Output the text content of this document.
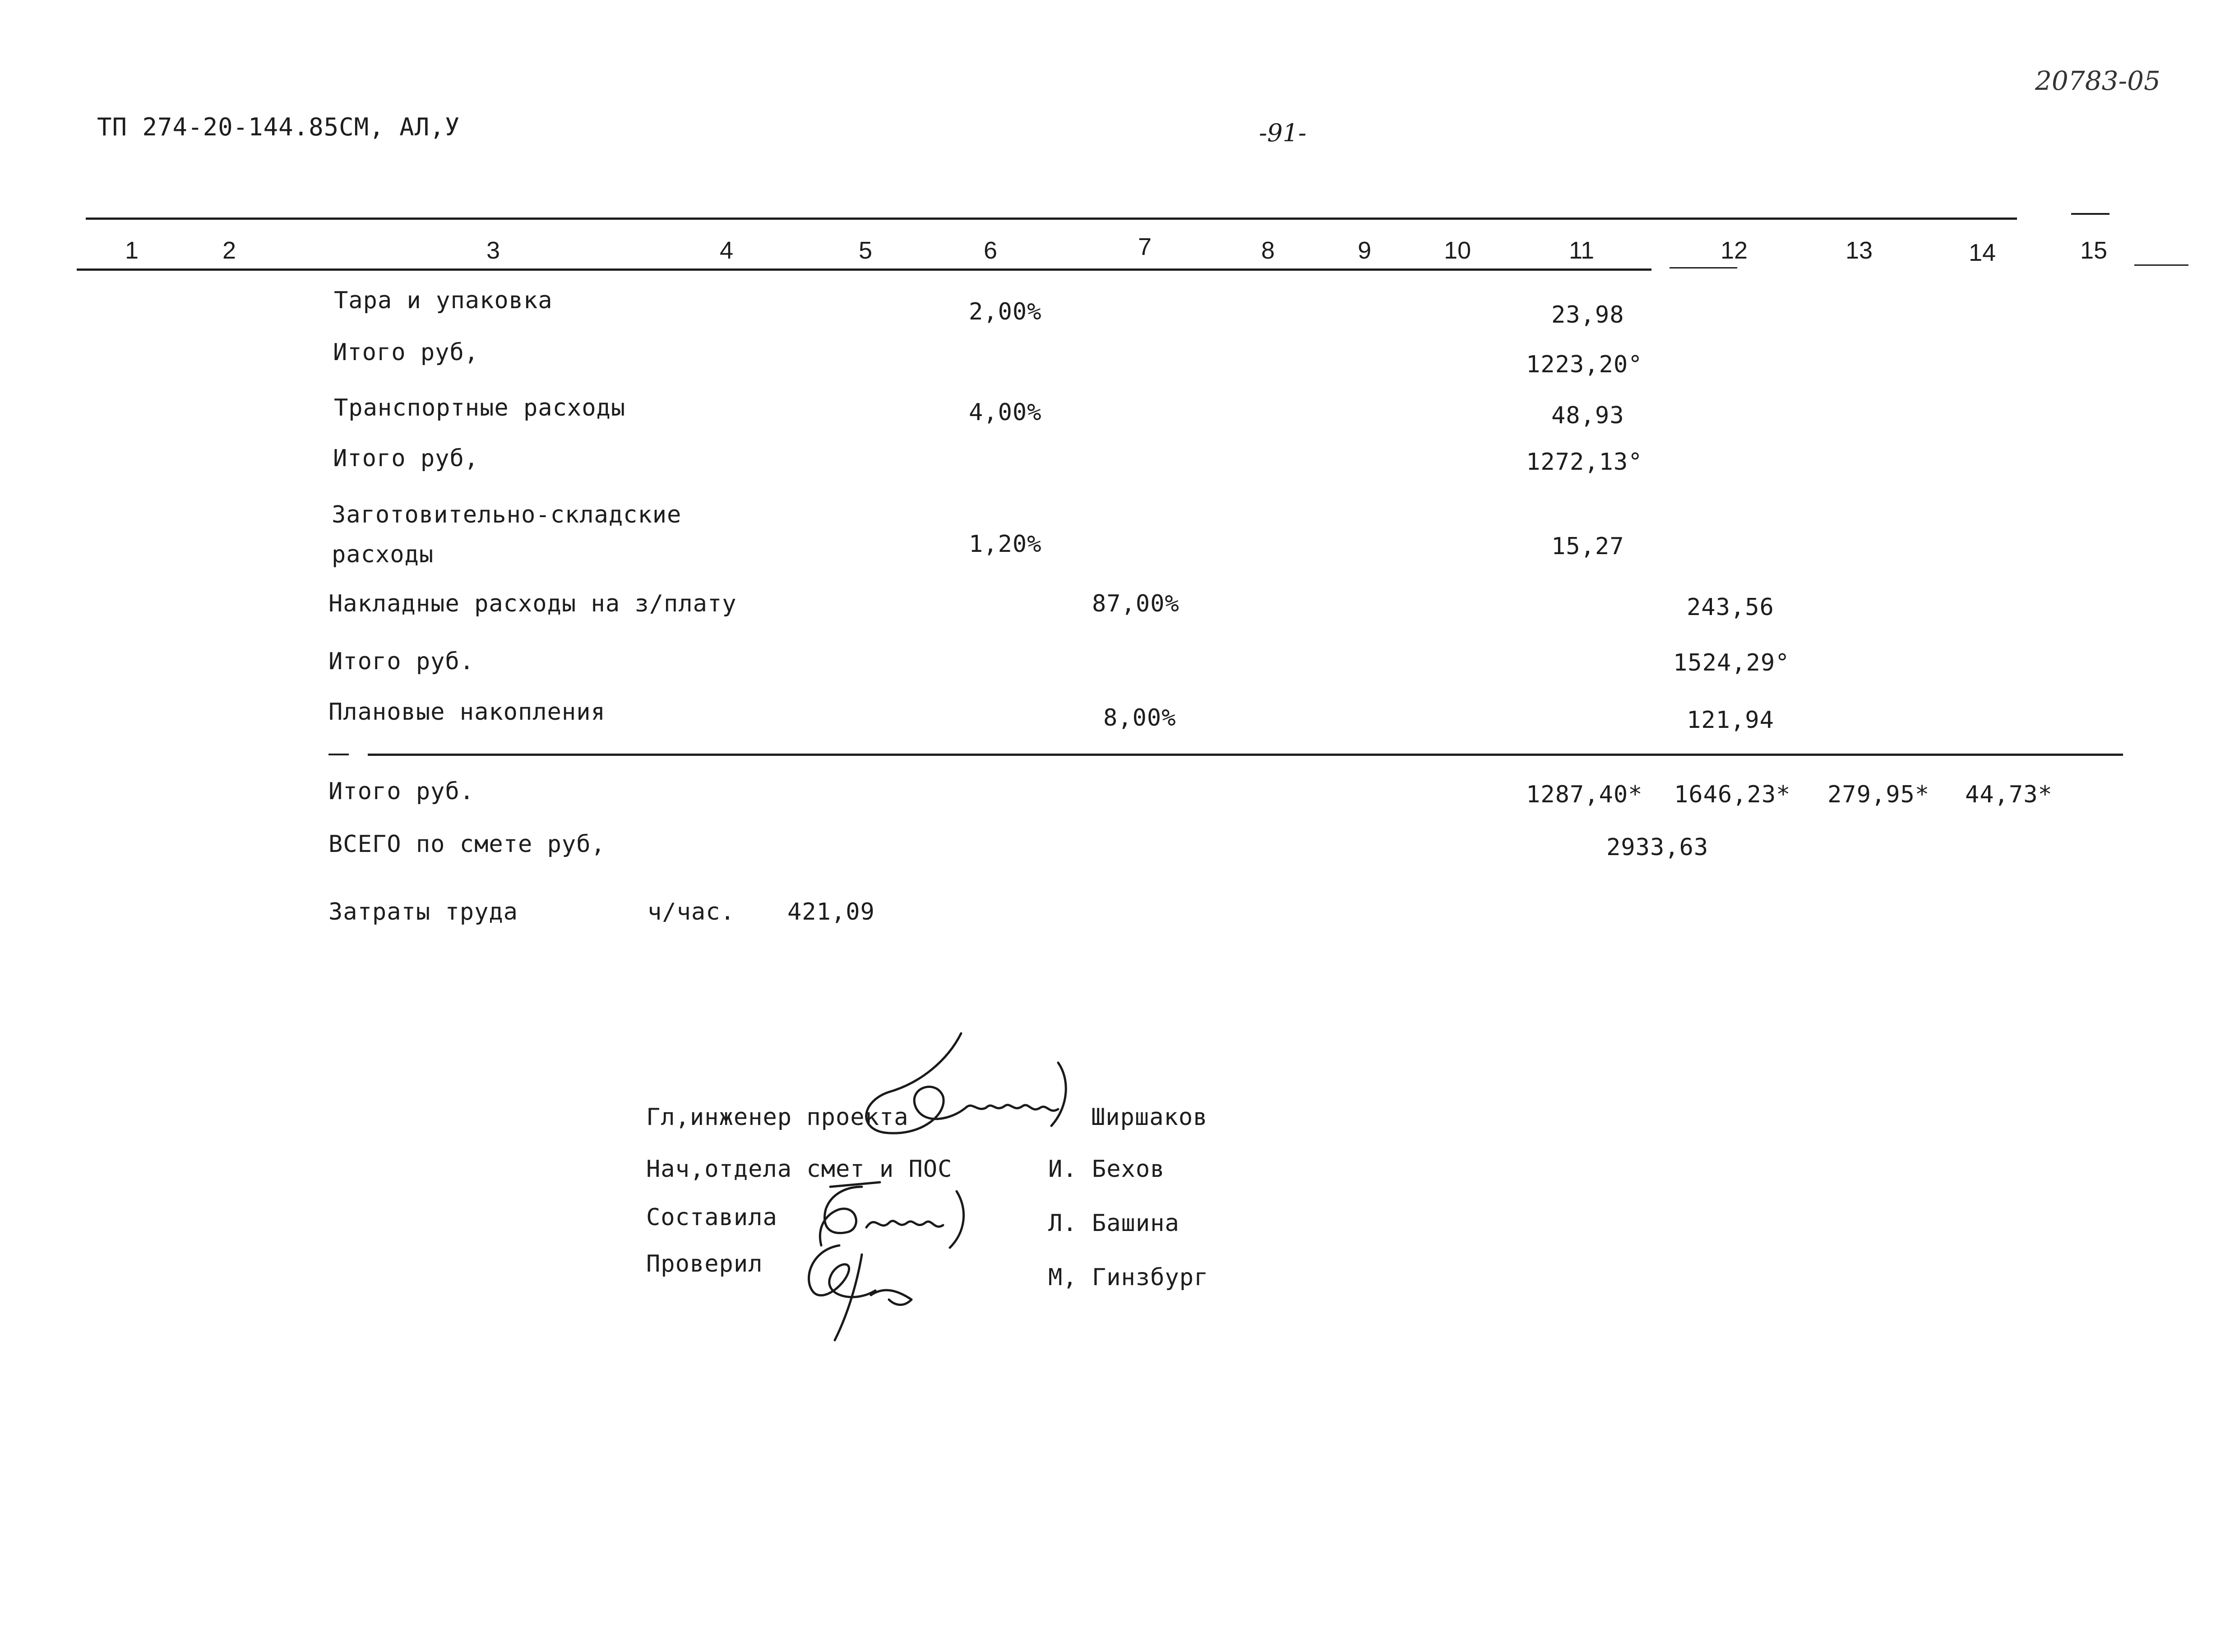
ТП 274-20-144.85СМ, АЛ,У	-91-
20783-05
1	2	3	4	5	6	7	8	9	10	11	12	13	14	15
Тара и упаковка	2,00%	23,98
Итого руб,	1223,20°
Транспортные расходы	4,00%	48,93
Итого руб,	1272,13°
Заготовительно-складские
расходы	1,20%	15,27
Накладные расходы на з/плату	87,00%	243,56
Итого руб.	1524,29°
Плановые накопления	8,00%	121,94
Итого руб.	1287,40* 1646,23* 279,95* 44,73*
ВСЕГО по смете руб,	2933,63
Затраты труда	ч/час. 421,09
Гл,инженер проекта	Ширшаков
Нач,отдела смет и ПОС	И. Бехов
Составила	Л. Башина
Проверил	М, Гинзбург
